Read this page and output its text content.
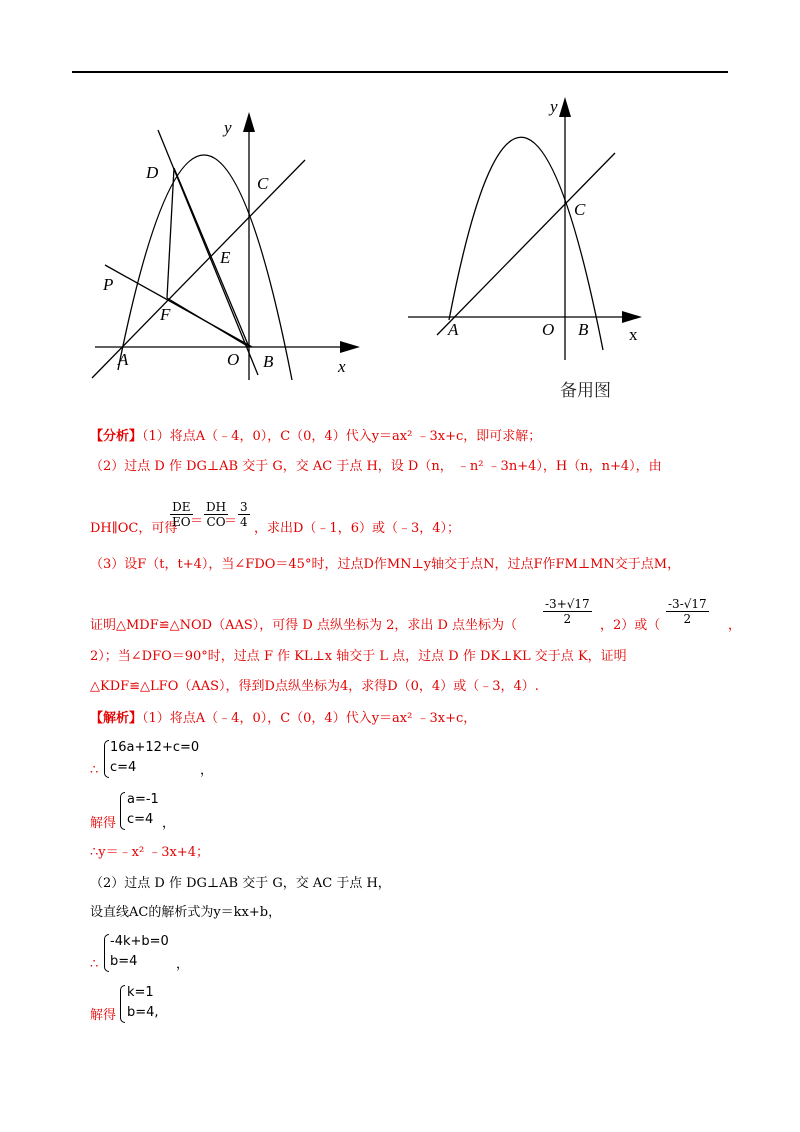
y
x
D
C
E
P
F
A	O B
y
x
C
A	O B
备用图
【分析】（1）将点A（﹣4，0），C（0，4）代入y＝ax² ﹣3x+c，即可求解；
（2）过点 D 作 DG⊥AB 交于 G，交 AC 于点 H，设 D（n， ﹣n² ﹣3n+4），H（n，n+4），由
DH∥OC，可得
$\frac{DE}{EO}$
＝ $\frac{DH}{CO}$
＝ $\frac{3}{4}$ ，求出D（﹣1，6）或（﹣3，4）；
（3）设F（t，t+4），当∠FDO＝45°时，过点D作MN⊥y轴交于点N，过点F作FM⊥MN交于点M，
证明△MDF≌△NOD（AAS），可得 D 点纵坐标为 2，求出 D 点坐标为（ $\frac{-3+√17}{2}$ ，2）或（ $\frac{-3-√17}{2}$ ，
2）；当∠DFO＝90°时，过点 F 作 KL⊥x 轴交于 L 点，过点 D 作 DK⊥KL 交于点 K，证明
△KDF≌△LFO（AAS），得到D点纵坐标为4，求得D（0，4）或（﹣3，4）.
【解析】（1）将点A（﹣4，0），C（0，4）代入y＝ax² ﹣3x+c，
16a+12+c=0
c=4
∴	，
解得
a=-1
c=4 ，
∴y＝﹣x² ﹣3x+4；
（2）过点 D 作 DG⊥AB 交于 G，交 AC 于点 H，
设直线AC的解析式为y＝kx+b，
-4k+b=0
b=4
∴	，
解得
k=1
b=4,
